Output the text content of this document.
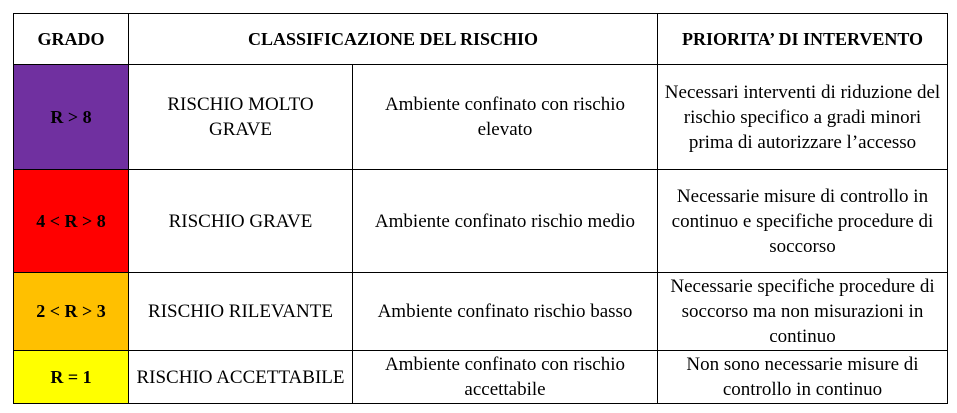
GRADO	CLASSIFICAZIONE DEL RISCHIO		PRIORITA’ DI INTERVENTO
R > 8	RISCHIO MOLTO GRAVE	Ambiente confinato con rischio elevato	Necessari interventi di riduzione del rischio specifico a gradi minori prima di autorizzare l’accesso
4 < R > 8	RISCHIO GRAVE	Ambiente confinato rischio medio	Necessarie misure di controllo in continuo e specifiche procedure di soccorso
2 < R > 3	RISCHIO RILEVANTE	Ambiente confinato rischio basso	Necessarie specifiche procedure di soccorso ma non misurazioni in continuo
R = 1	RISCHIO ACCETTABILE	Ambiente confinato con rischio accettabile	Non sono necessarie misure di controllo in continuo
